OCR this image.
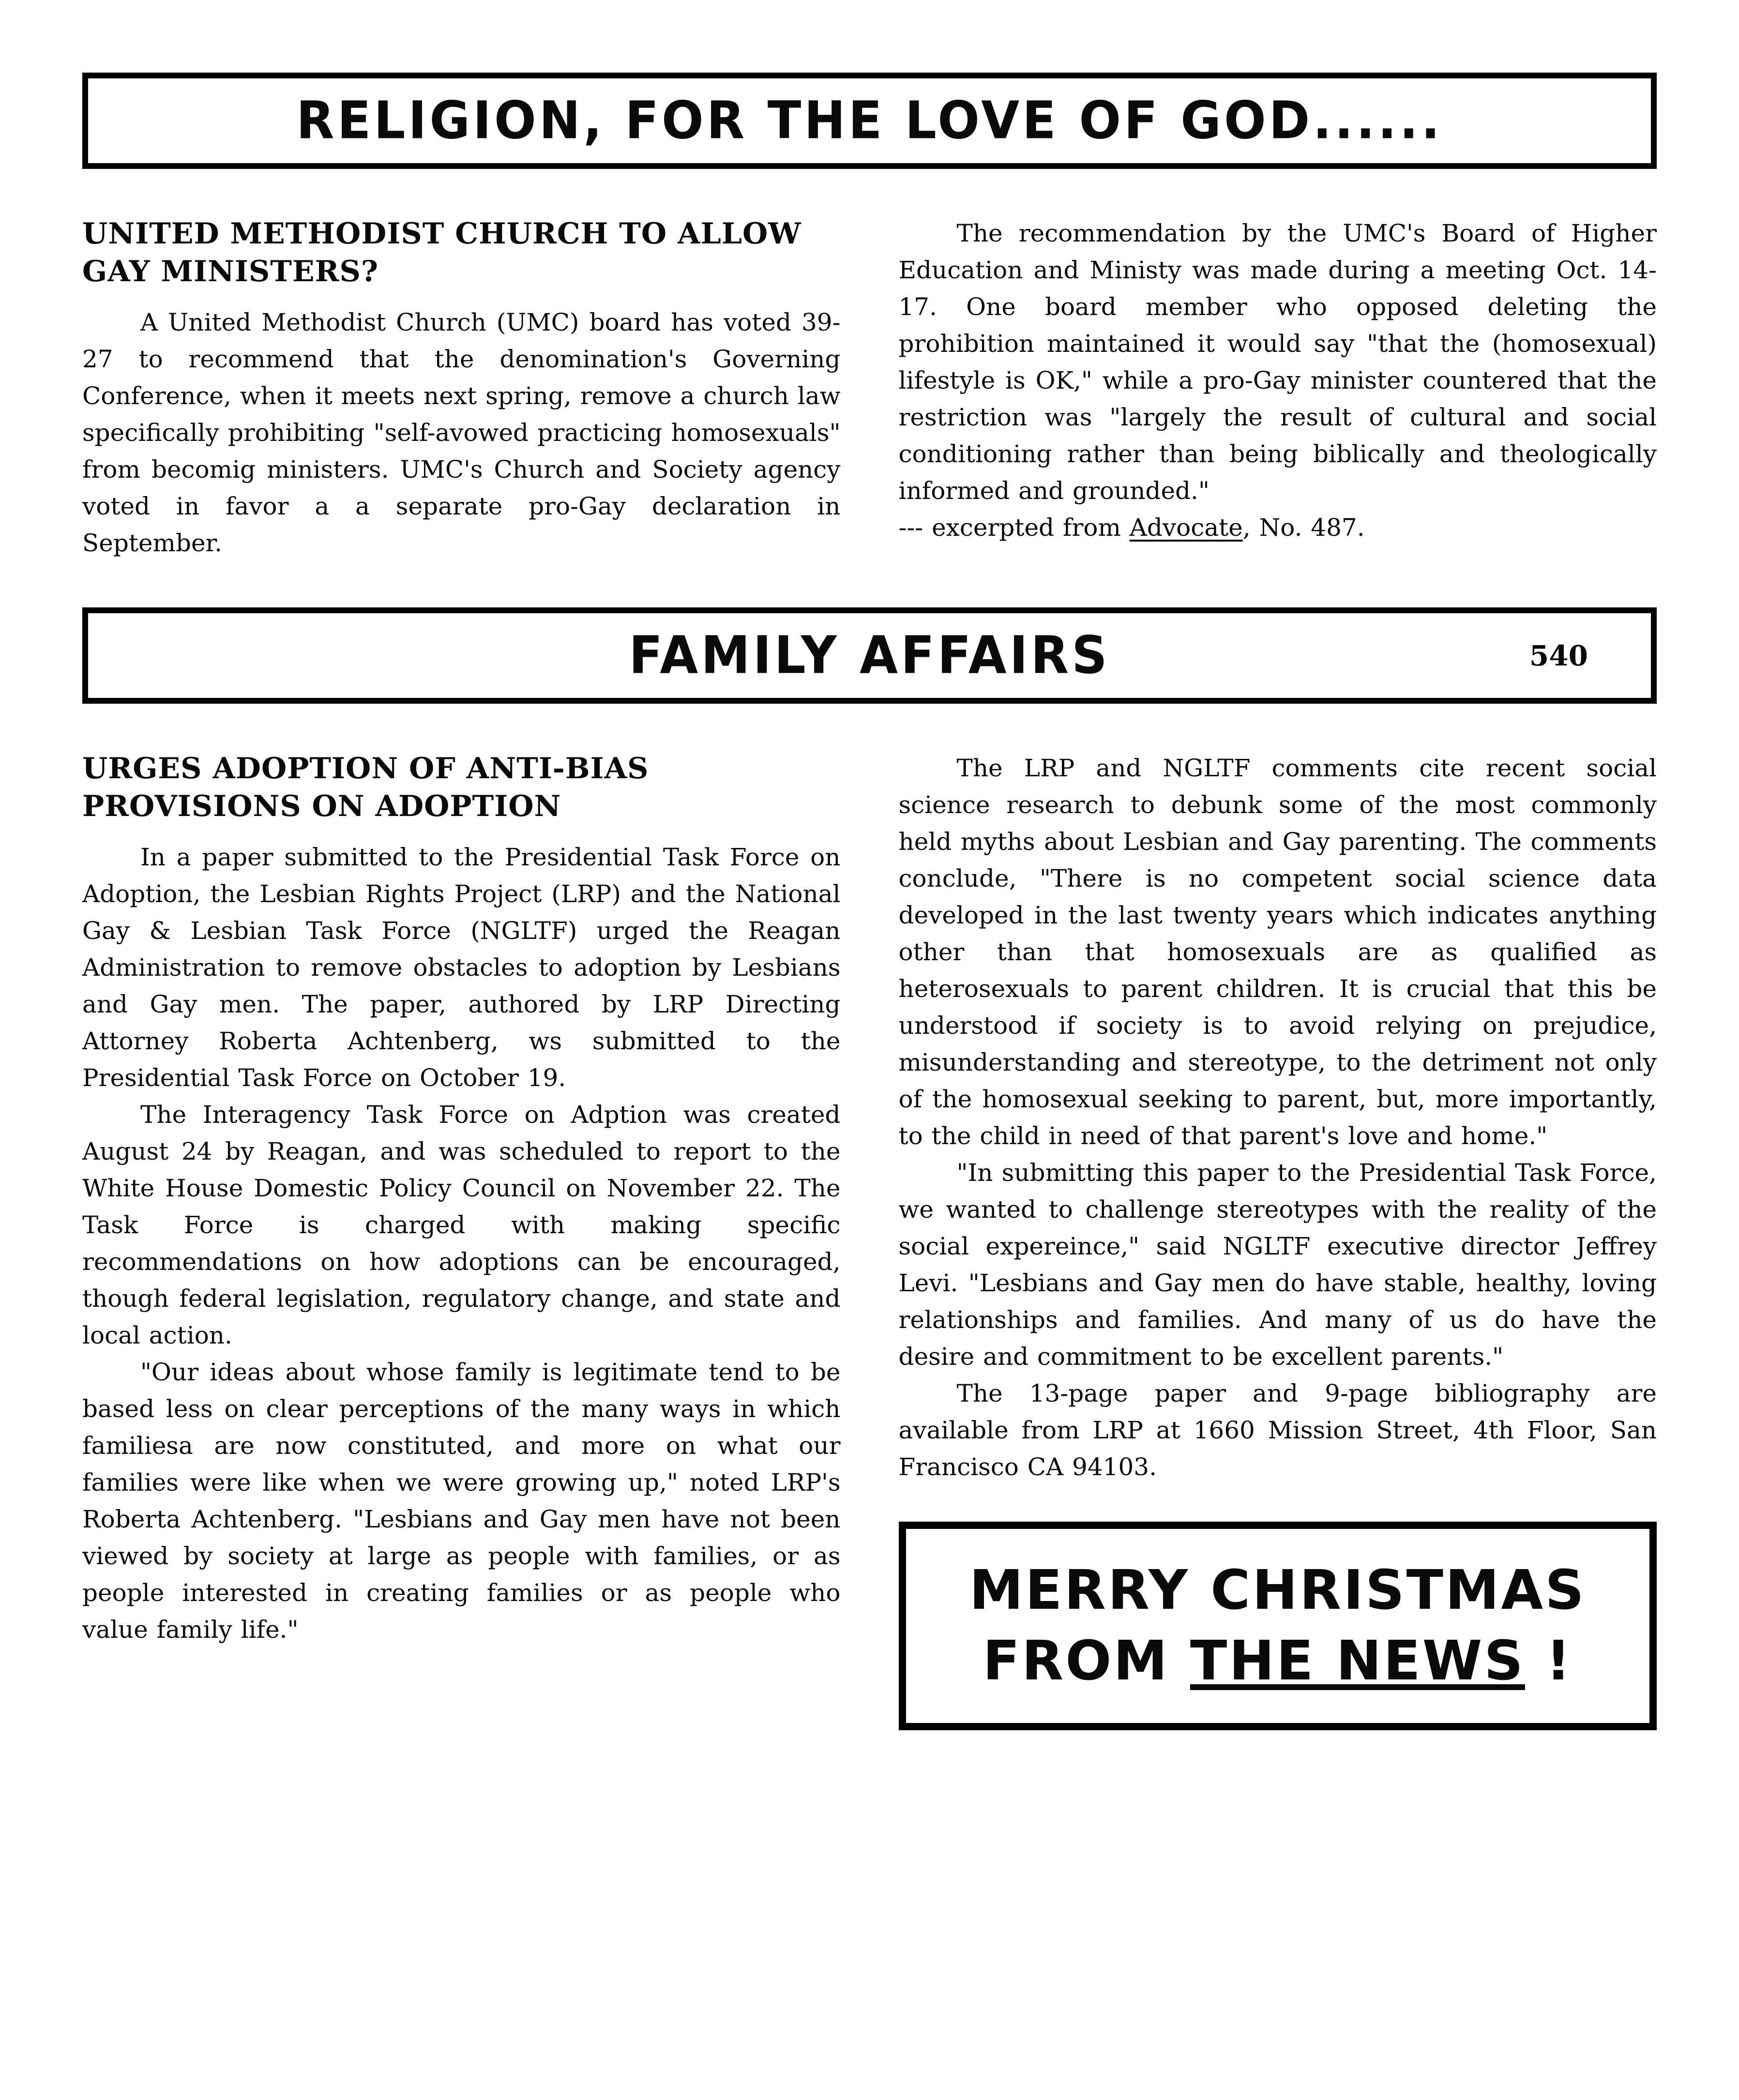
RELIGION, FOR THE LOVE OF GOD......
UNITED METHODIST CHURCH TO ALLOW GAY MINISTERS?

A United Methodist Church (UMC) board has voted 39-27 to recommend that the denomination's Governing Conference, when it meets next spring, remove a church law specifically prohibiting "self-avowed practicing homosexuals" from becomig ministers. UMC's Church and Society agency voted in favor a a separate pro-Gay declaration in September.

The recommendation by the UMC's Board of Higher Education and Ministy was made during a meeting Oct. 14-17. One board member who opposed deleting the prohibition maintained it would say "that the (homosexual) lifestyle is OK," while a pro-Gay minister countered that the restriction was "largely the result of cultural and social conditioning rather than being biblically and theologically informed and grounded."

--- excerpted from Advocate, No. 487.

FAMILY AFFAIRS	540
URGES ADOPTION OF ANTI-BIAS PROVISIONS ON ADOPTION

In a paper submitted to the Presidential Task Force on Adoption, the Lesbian Rights Project (LRP) and the National Gay & Lesbian Task Force (NGLTF) urged the Reagan Administration to remove obstacles to adoption by Lesbians and Gay men. The paper, authored by LRP Directing Attorney Roberta Achtenberg, ws submitted to the Presidential Task Force on October 19.

The Interagency Task Force on Adption was created August 24 by Reagan, and was scheduled to report to the White House Domestic Policy Council on November 22. The Task Force is charged with making specific recommendations on how adoptions can be encouraged, though federal legislation, regulatory change, and state and local action.

"Our ideas about whose family is legitimate tend to be based less on clear perceptions of the many ways in which familiesa are now constituted, and more on what our families were like when we were growing up," noted LRP's Roberta Achtenberg. "Lesbians and Gay men have not been viewed by society at large as people with families, or as people interested in creating families or as people who value family life."

The LRP and NGLTF comments cite recent social science research to debunk some of the most commonly held myths about Lesbian and Gay parenting. The comments conclude, "There is no competent social science data developed in the last twenty years which indicates anything other than that homosexuals are as qualified as heterosexuals to parent children. It is crucial that this be understood if society is to avoid relying on prejudice, misunderstanding and stereotype, to the detriment not only of the homosexual seeking to parent, but, more importantly, to the child in need of that parent's love and home."

"In submitting this paper to the Presidential Task Force, we wanted to challenge stereotypes with the reality of the social expereince," said NGLTF executive director Jeffrey Levi. "Lesbians and Gay men do have stable, healthy, loving relationships and families. And many of us do have the desire and commitment to be excellent parents."

The 13-page paper and 9-page bibliography are available from LRP at 1660 Mission Street, 4th Floor, San Francisco CA 94103.

MERRY CHRISTMAS
FROM THE NEWS !
